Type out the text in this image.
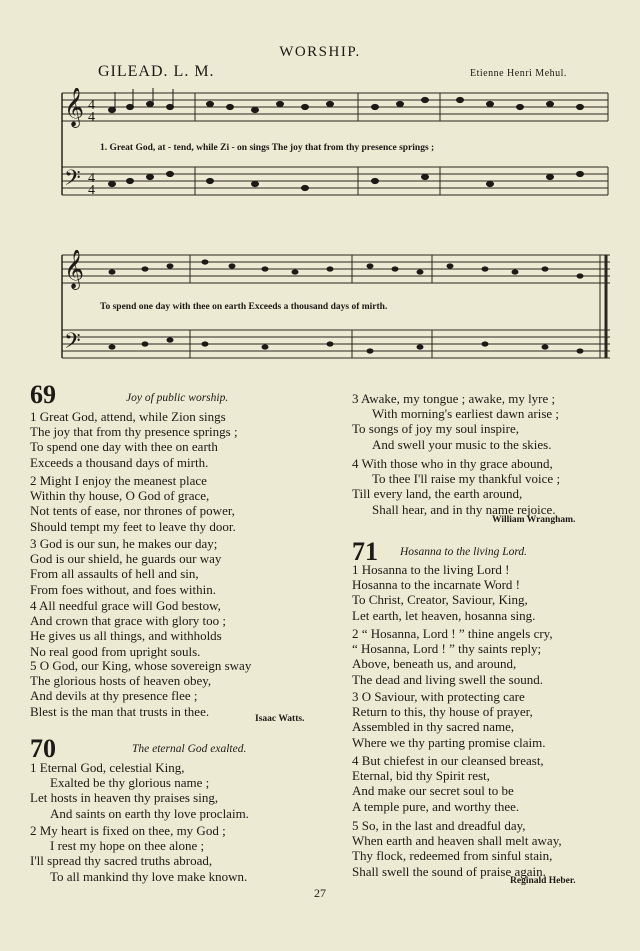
WORSHIP.
GILEAD. L. M.	Etienne Henri Mehul.
𝄞
𝄢
4
4
4
4
1. Great God, at - tend, while Zi - on sings The joy that from thy presence springs ;
𝄞
𝄢
To spend one day with thee on earth Exceeds a thousand days of mirth.
69	Joy of public worship.
1 Great God, attend, while Zion sings
The joy that from thy presence springs ;
To spend one day with thee on earth
Exceeds a thousand days of mirth.
2 Might I enjoy the meanest place
Within thy house, O God of grace,
Not tents of ease, nor thrones of power,
Should tempt my feet to leave thy door.
3 God is our sun, he makes our day;
God is our shield, he guards our way
From all assaults of hell and sin,
From foes without, and foes within.
4 All needful grace will God bestow,
And crown that grace with glory too ;
He gives us all things, and withholds
No real good from upright souls.
5 O God, our King, whose sovereign sway
The glorious hosts of heaven obey,
And devils at thy presence flee ;
Blest is the man that trusts in thee.
Isaac Watts.
70	The eternal God exalted.
1 Eternal God, celestial King,
Exalted be thy glorious name ;
Let hosts in heaven thy praises sing,
And saints on earth thy love proclaim.
2 My heart is fixed on thee, my God ;
I rest my hope on thee alone ;
I'll spread thy sacred truths abroad,
To all mankind thy love make known.
3 Awake, my tongue ; awake, my lyre ;
With morning's earliest dawn arise ;
To songs of joy my soul inspire,
And swell your music to the skies.
4 With those who in thy grace abound,
To thee I'll raise my thankful voice ;
Till every land, the earth around,
Shall hear, and in thy name rejoice.
William Wrangham.
71 Hosanna to the living Lord.
1 Hosanna to the living Lord !
Hosanna to the incarnate Word !
To Christ, Creator, Saviour, King,
Let earth, let heaven, hosanna sing.
2 “ Hosanna, Lord ! ” thine angels cry,
“ Hosanna, Lord ! ” thy saints reply;
Above, beneath us, and around,
The dead and living swell the sound.
3 O Saviour, with protecting care
Return to this, thy house of prayer,
Assembled in thy sacred name,
Where we thy parting promise claim.
4 But chiefest in our cleansed breast,
Eternal, bid thy Spirit rest,
And make our secret soul to be
A temple pure, and worthy thee.
5 So, in the last and dreadful day,
When earth and heaven shall melt away,
Thy flock, redeemed from sinful stain,
Shall swell the sound of praise again.
Reginald Heber.
27
